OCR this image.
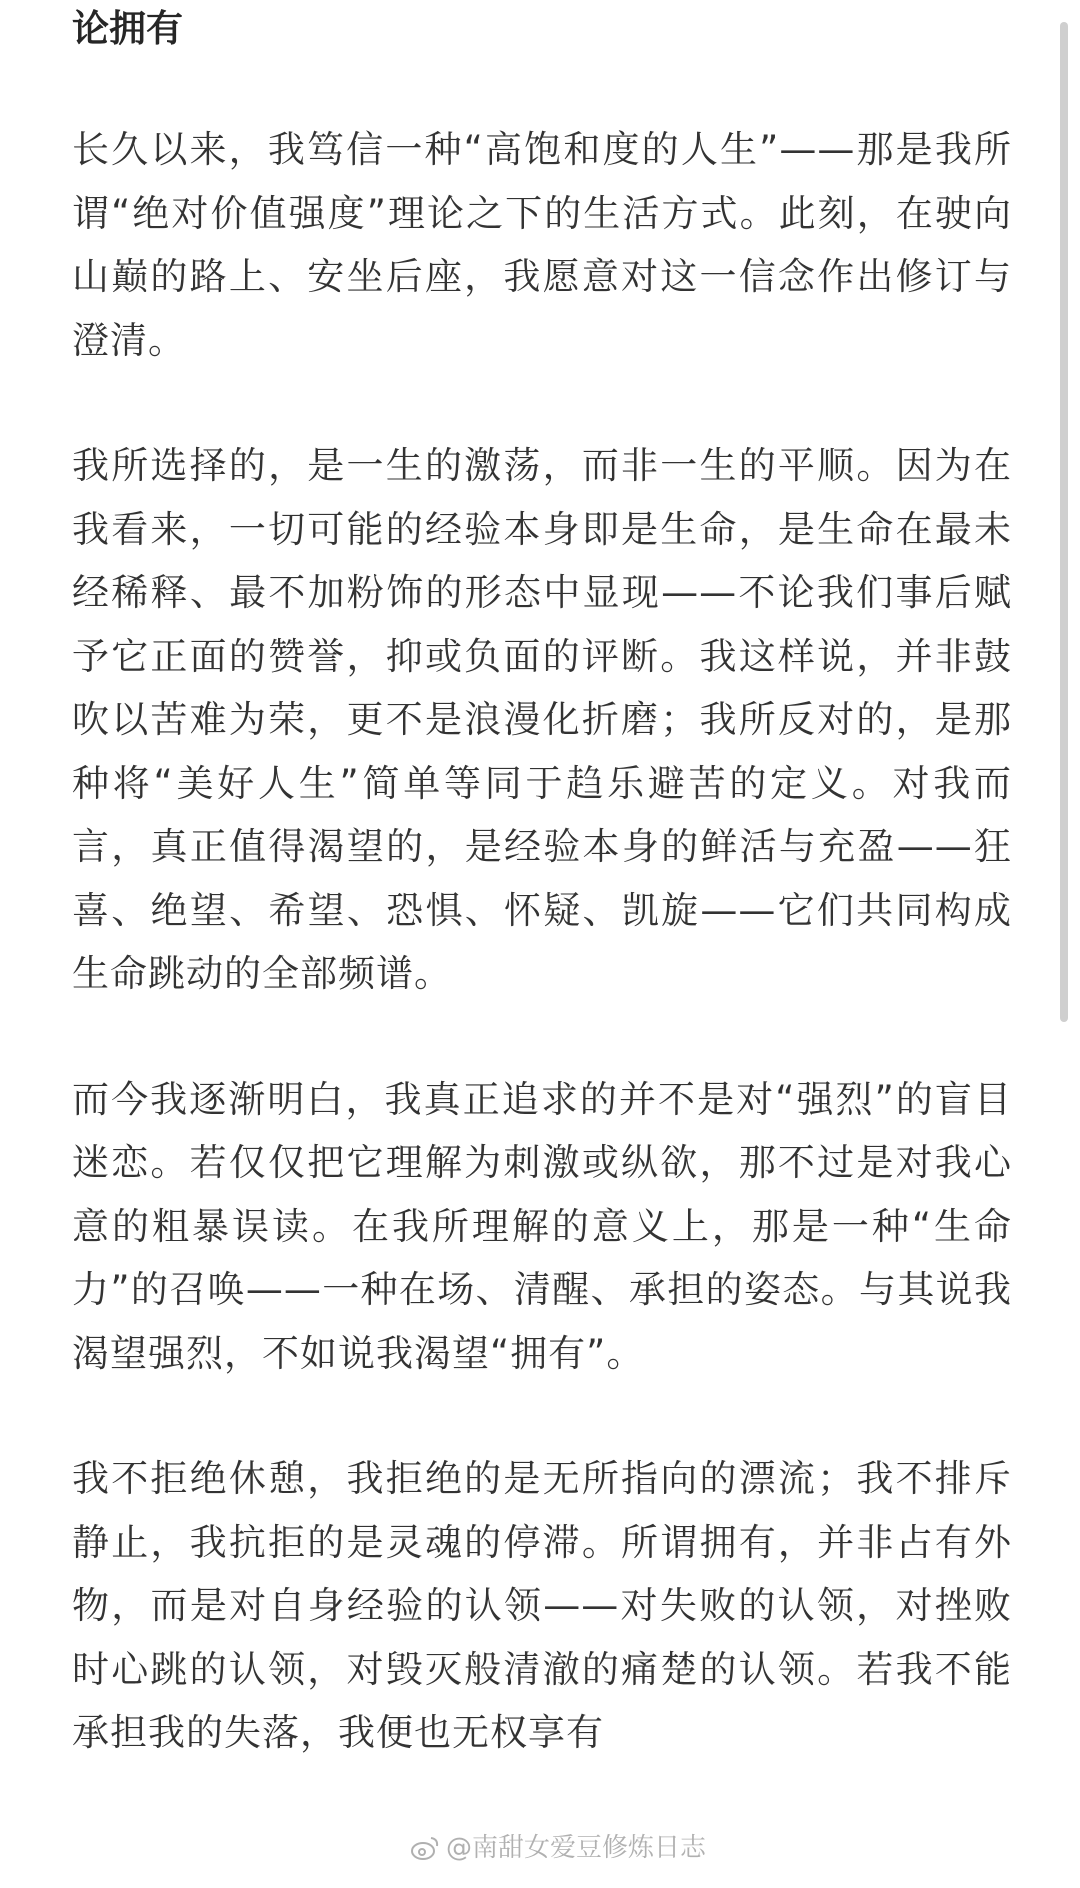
论拥有

长久以来，我笃信一种“高饱和度的人生”——那是我所谓“绝对价值强度”理论之下的生活方式。此刻，在驶向山巅的路上、安坐后座，我愿意对这一信念作出修订与澄清。

我所选择的，是一生的激荡，而非一生的平顺。因为在我看来，一切可能的经验本身即是生命，是生命在最未经稀释、最不加粉饰的形态中显现——不论我们事后赋予它正面的赞誉，抑或负面的评断。我这样说，并非鼓吹以苦难为荣，更不是浪漫化折磨；我所反对的，是那种将“美好人生”简单等同于趋乐避苦的定义。对我而言，真正值得渴望的，是经验本身的鲜活与充盈——狂喜、绝望、希望、恐惧、怀疑、凯旋——它们共同构成生命跳动的全部频谱。

而今我逐渐明白，我真正追求的并不是对“强烈”的盲目迷恋。若仅仅把它理解为刺激或纵欲，那不过是对我心意的粗暴误读。在我所理解的意义上，那是一种“生命力”的召唤——一种在场、清醒、承担的姿态。与其说我渴望强烈，不如说我渴望“拥有”。

我不拒绝休憩，我拒绝的是无所指向的漂流；我不排斥静止，我抗拒的是灵魂的停滞。所谓拥有，并非占有外物，而是对自身经验的认领——对失败的认领，对挫败时心跳的认领，对毁灭般清澈的痛楚的认领。若我不能承担我的失落，我便也无权享有

@南甜女爱豆修炼日志
